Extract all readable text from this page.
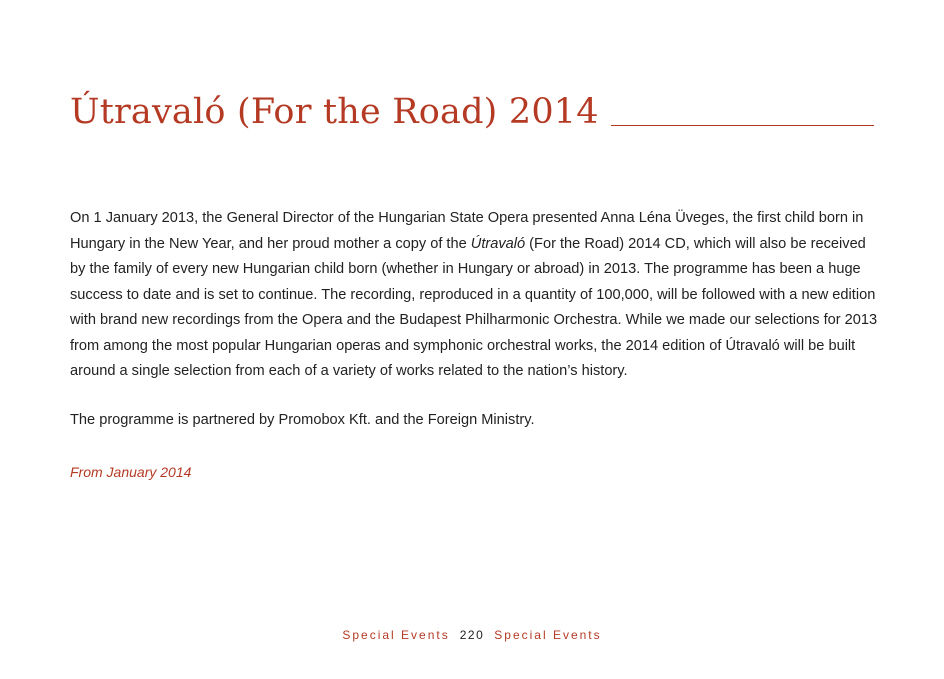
Útravaló (For the Road) 2014

On 1 January 2013, the General Director of the Hungarian State Opera presented Anna Léna Üveges, the first child born in Hungary in the New Year, and her proud mother a copy of the Útravaló (For the Road) 2014 CD, which will also be received by the family of every new Hungarian child born (whether in Hungary or abroad) in 2013. The programme has been a huge success to date and is set to continue. The recording, reproduced in a quantity of 100,000, will be followed with a new edition with brand new recordings from the Opera and the Budapest Philharmonic Orchestra. While we made our selections for 2013 from among the most popular Hungarian operas and symphonic orchestral works, the 2014 edition of Útravaló will be built around a single selection from each of a variety of works related to the nation’s history.

The programme is partnered by Promobox Kft. and the Foreign Ministry.

From January 2014

Special Events 220 Special Events
